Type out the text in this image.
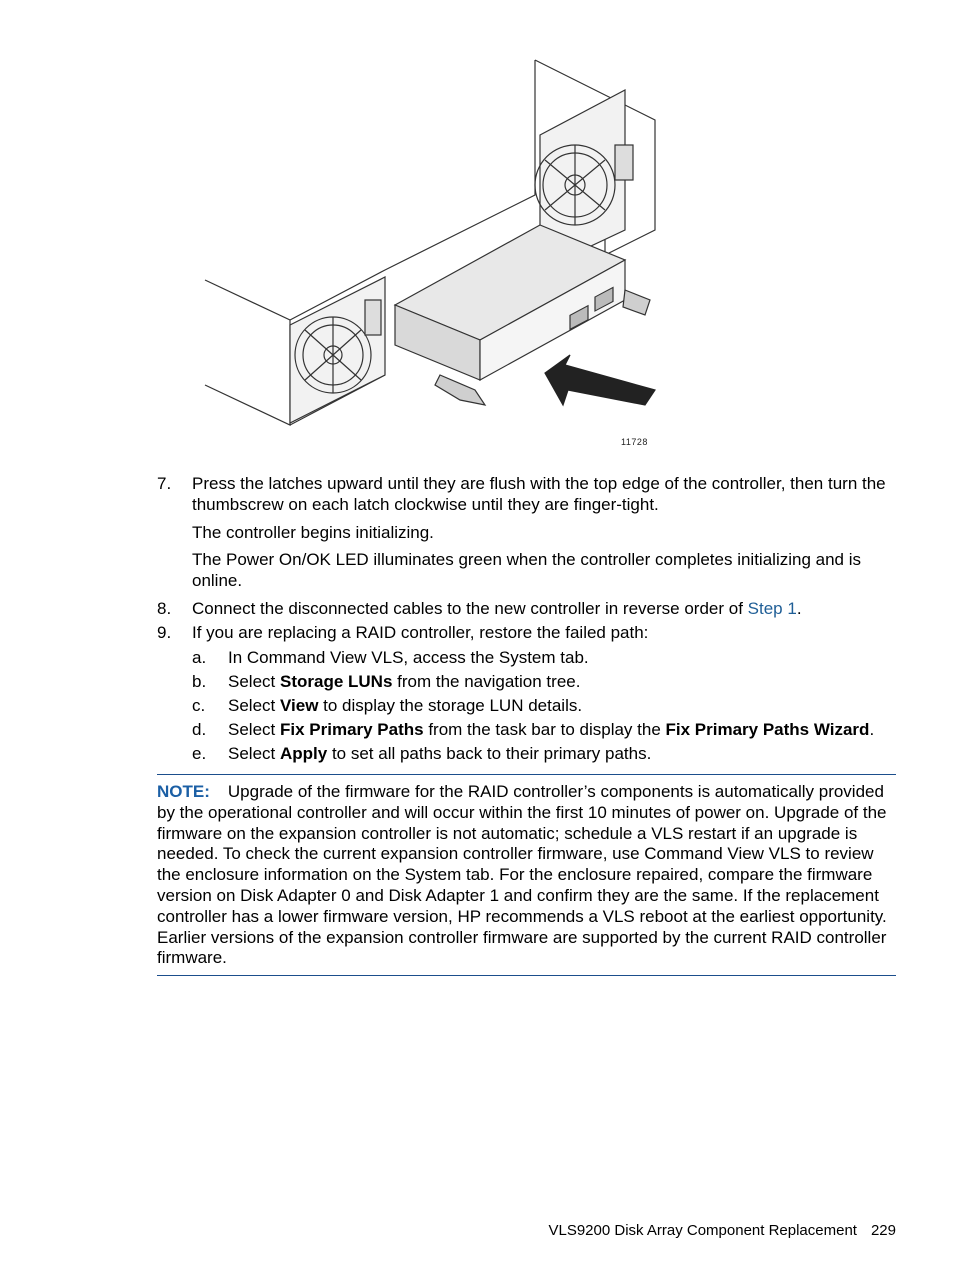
11728
7. Press the latches upward until they are flush with the top edge of the controller, then turn the thumbscrew on each latch clockwise until they are finger-tight.
The controller begins initializing.
The Power On/OK LED illuminates green when the controller completes initializing and is online.
8. Connect the disconnected cables to the new controller in reverse order of Step 1.
9. If you are replacing a RAID controller, restore the failed path:
a. In Command View VLS, access the System tab.
b. Select Storage LUNs from the navigation tree.
c. Select View to display the storage LUN details.
d. Select Fix Primary Paths from the task bar to display the Fix Primary Paths Wizard.
e. Select Apply to set all paths back to their primary paths.
NOTE: Upgrade of the firmware for the RAID controller’s components is automatically provided by the operational controller and will occur within the first 10 minutes of power on. Upgrade of the firmware on the expansion controller is not automatic; schedule a VLS restart if an upgrade is needed. To check the current expansion controller firmware, use Command View VLS to review the enclosure information on the System tab. For the enclosure repaired, compare the firmware version on Disk Adapter 0 and Disk Adapter 1 and confirm they are the same. If the replacement controller has a lower firmware version, HP recommends a VLS reboot at the earliest opportunity. Earlier versions of the expansion controller firmware are supported by the current RAID controller firmware.
VLS9200 Disk Array Component Replacement 229
